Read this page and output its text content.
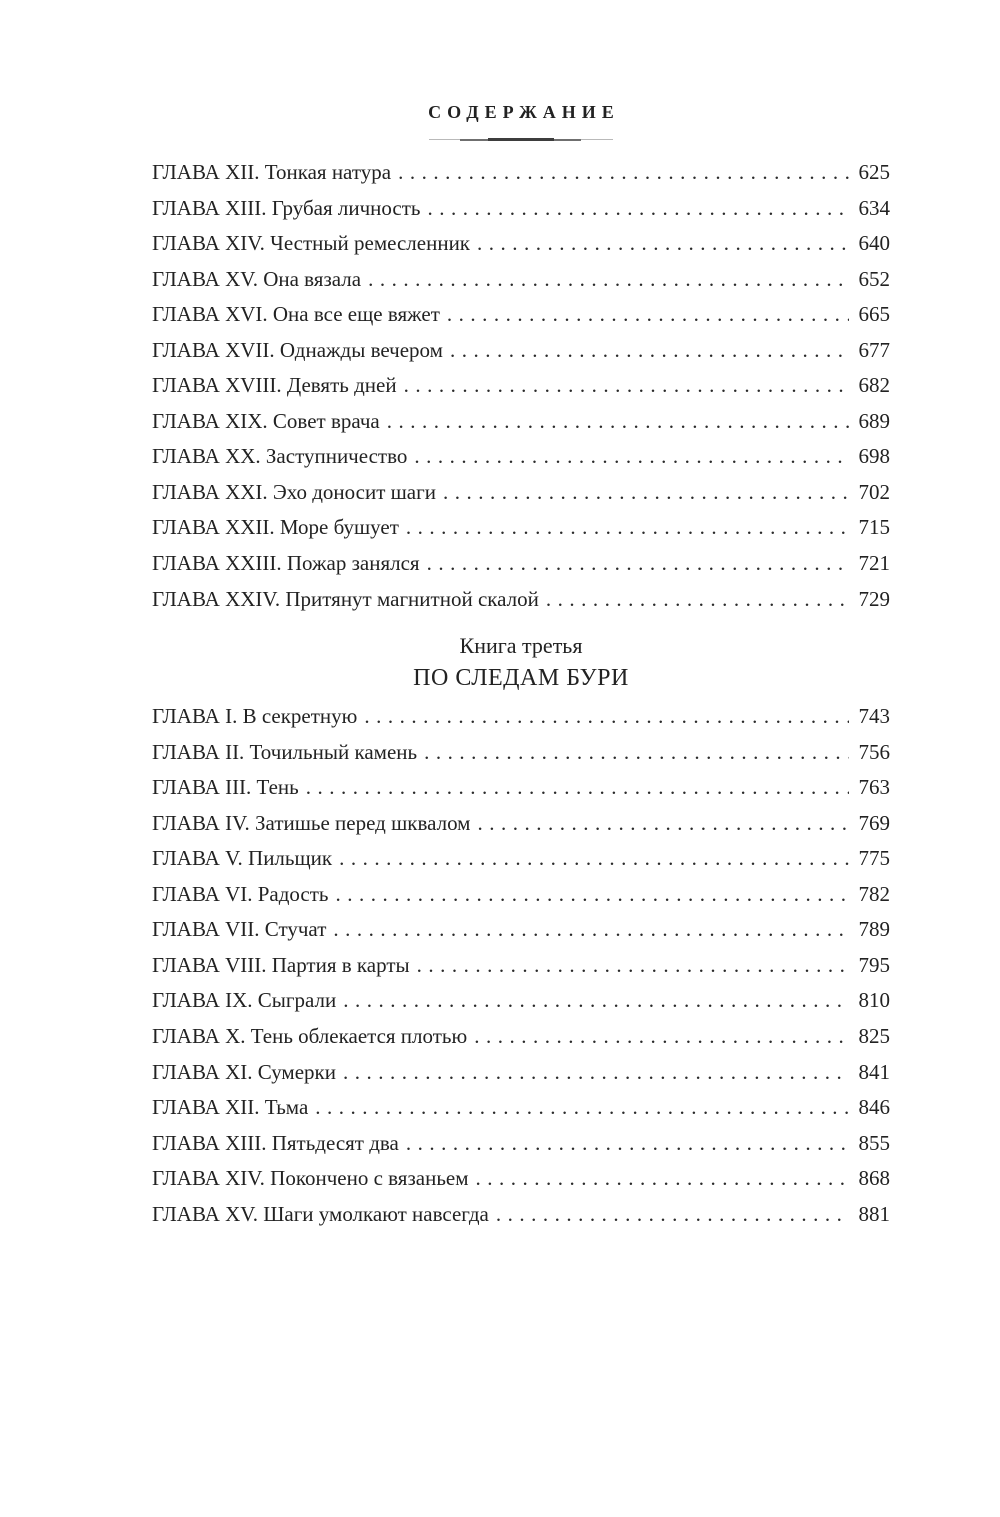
СОДЕРЖАНИЕ
ГЛАВА XII. Тонкая натура .....	625
ГЛАВА XIII. Грубая личность .....	634
ГЛАВА XIV. Честный ремесленник .....	640
ГЛАВА XV. Она вязала .....	652
ГЛАВА XVI. Она все еще вяжет .....	665
ГЛАВА XVII. Однажды вечером .....	677
ГЛАВА XVIII. Девять дней .....	682
ГЛАВА XIX. Совет врача .....	689
ГЛАВА XX. Заступничество .....	698
ГЛАВА XXI. Эхо доносит шаги .....	702
ГЛАВА XXII. Море бушует .....	715
ГЛАВА XXIII. Пожар занялся .....	721
ГЛАВА XXIV. Притянут магнитной скалой .....	729
Книга третья
ПО СЛЕДАМ БУРИ
ГЛАВА I. В секретную .....	743
ГЛАВА II. Точильный камень .....	756
ГЛАВА III. Тень .....	763
ГЛАВА IV. Затишье перед шквалом .....	769
ГЛАВА V. Пильщик .....	775
ГЛАВА VI. Радость .....	782
ГЛАВА VII. Стучат .....	789
ГЛАВА VIII. Партия в карты .....	795
ГЛАВА IX. Сыграли .....	810
ГЛАВА X. Тень облекается плотью .....	825
ГЛАВА XI. Сумерки .....	841
ГЛАВА XII. Тьма .....	846
ГЛАВА XIII. Пятьдесят два .....	855
ГЛАВА XIV. Покончено с вязаньем .....	868
ГЛАВА XV. Шаги умолкают навсегда .....	881
